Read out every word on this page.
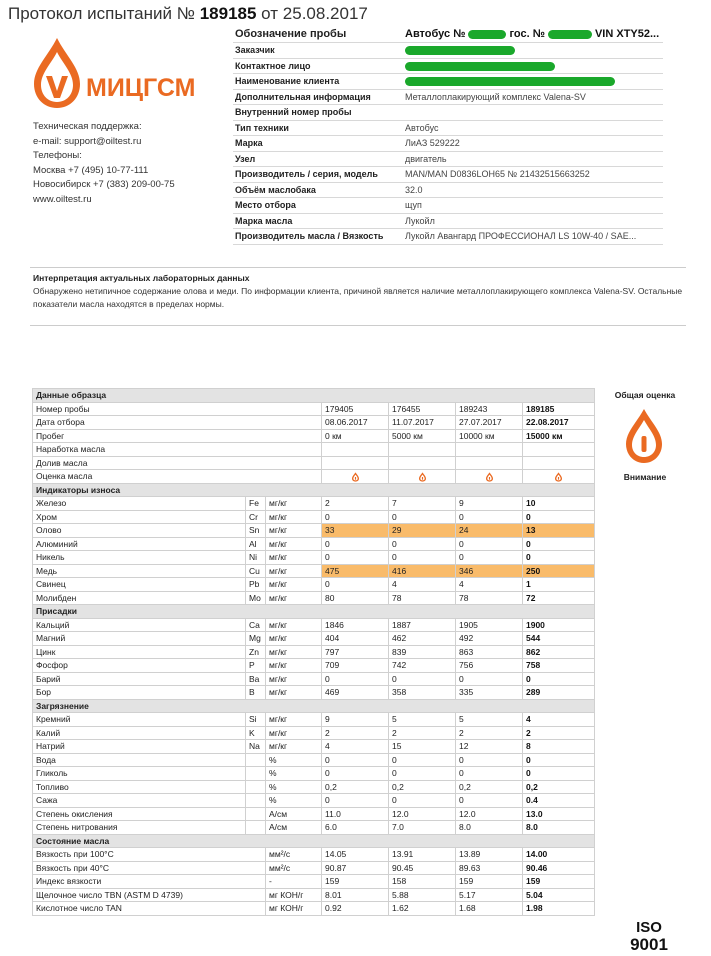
Протокол испытаний № 189185 от 25.08.2017
МИЦГСМ
Техническая поддержка:
e-mail: support@oiltest.ru
Телефоны:
Москва +7 (495) 10-77-111
Новосибирск +7 (383) 209-00-75
www.oiltest.ru
Обозначение пробы	Автобус № гос. № VIN XTY52...
Заказчик	
Контактное лицо	
Наименование клиента	
Дополнительная информация	Металлоплакирующий комплекс Valena-SV
Внутренний номер пробы	
Тип техники	Автобус
Марка	ЛиАЗ 529222
Узел	двигатель
Производитель / серия, модель	MAN/MAN D0836LOH65 № 21432515663252
Объём маслобака	32.0
Место отбора	щуп
Марка масла	Лукойл
Производитель масла / Вязкость	Лукойл Авангард ПРОФЕССИОНАЛ LS 10W-40 / SAE...
Интерпретация актуальных лабораторных данных
Обнаружено нетипичное содержание олова и меди. По информации клиента, причиной является наличие металлоплакирующего комплекса Valena-SV. Остальные показатели масла находятся в пределах нормы.
Данные образца						
Номер пробы			179405	176455	189243	189185
Дата отбора			08.06.2017	11.07.2017	27.07.2017	22.08.2017
Пробег			0 км	5000 км	10000 км	15000 км
Наработка масла						
Долив масла						
Оценка масла				
Индикаторы износа						
Железо	Fe	мг/кг	2	7	9	10
Хром	Cr	мг/кг	0	0	0	0
Олово	Sn	мг/кг	33	29	24	13
Алюминий	Al	мг/кг	0	0	0	0
Никель	Ni	мг/кг	0	0	0	0
Медь	Cu	мг/кг	475	416	346	250
Свинец	Pb	мг/кг	0	4	4	1
Молибден	Mo	мг/кг	80	78	78	72
Присадки						
Кальций	Ca	мг/кг	1846	1887	1905	1900
Магний	Mg	мг/кг	404	462	492	544
Цинк	Zn	мг/кг	797	839	863	862
Фосфор	P	мг/кг	709	742	756	758
Барий	Ba	мг/кг	0	0	0	0
Бор	B	мг/кг	469	358	335	289
Загрязнение						
Кремний	Si	мг/кг	9	5	5	4
Калий	K	мг/кг	2	2	2	2
Натрий	Na	мг/кг	4	15	12	8
Вода		%	0	0	0	0
Гликоль		%	0	0	0	0
Топливо		%	0,2	0,2	0,2	0,2
Сажа		%	0	0	0	0.4
Степень окисления		А/см	11.0	12.0	12.0	13.0
Степень нитрования		А/см	6.0	7.0	8.0	8.0
Состояние масла						
Вязкость при 100°С		мм²/с	14.05	13.91	13.89	14.00
Вязкость при 40°С		мм²/с	90.87	90.45	89.63	90.46
Индекс вязкости		-	159	158	159	159
Щелочное число TBN (ASTM D 4739)		мг КОН/г	8.01	5.88	5.17	5.04
Кислотное число TAN		мг КОН/г	0.92	1.62	1.68	1.98
Общая оценка
Внимание
ISO
9001
